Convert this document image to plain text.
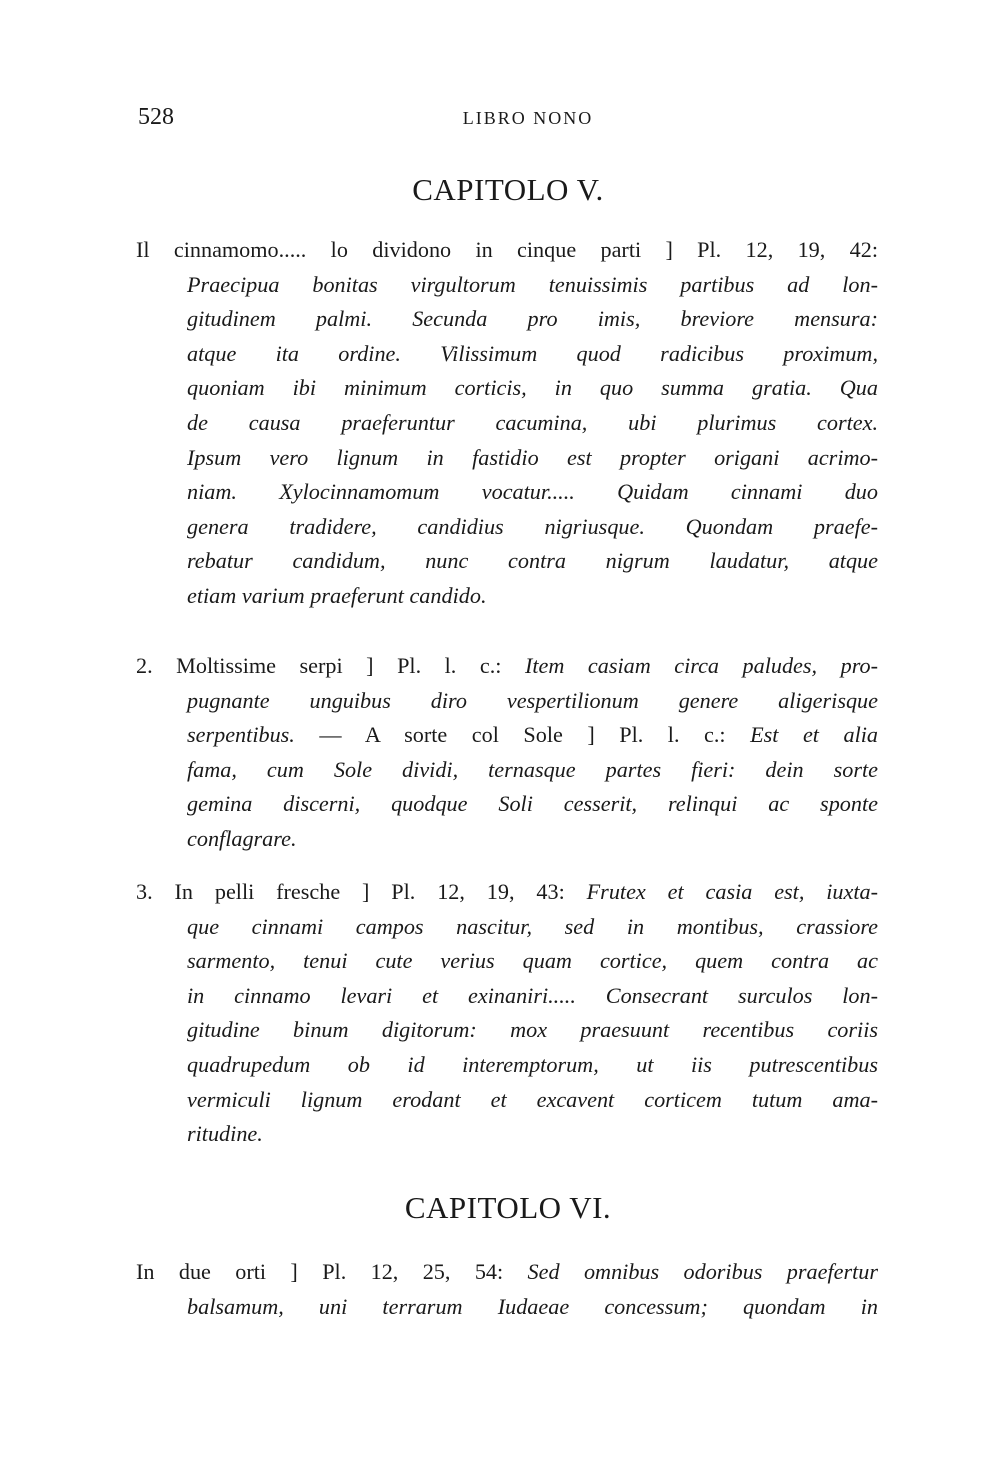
528	LIBRO NONO
CAPITOLO V.
Il cinnamomo..... lo dividono in cinque parti ] Pl. 12, 19, 42:
Praecipua bonitas virgultorum tenuissimis partibus ad lon-
gitudinem palmi. Secunda pro imis, breviore mensura:
atque ita ordine. Vilissimum quod radicibus proximum,
quoniam ibi minimum corticis, in quo summa gratia. Qua
de causa praeferuntur cacumina, ubi plurimus cortex.
Ipsum vero lignum in fastidio est propter origani acrimo-
niam. Xylocinnamomum vocatur..... Quidam cinnami duo
genera tradidere, candidius nigriusque. Quondam praefe-
rebatur candidum, nunc contra nigrum laudatur, atque
etiam varium praeferunt candido.
2. Moltissime serpi ] Pl. l. c.: Item casiam circa paludes, pro-
pugnante unguibus diro vespertilionum genere aligerisque
serpentibus. — A sorte col Sole ] Pl. l. c.: Est et alia
fama, cum Sole dividi, ternasque partes fieri: dein sorte
gemina discerni, quodque Soli cesserit, relinqui ac sponte
conflagrare.
3. In pelli fresche ] Pl. 12, 19, 43: Frutex et casia est, iuxta-
que cinnami campos nascitur, sed in montibus, crassiore
sarmento, tenui cute verius quam cortice, quem contra ac
in cinnamo levari et exinaniri..... Consecrant surculos lon-
gitudine binum digitorum: mox praesuunt recentibus coriis
quadrupedum ob id interemptorum, ut iis putrescentibus
vermiculi lignum erodant et excavent corticem tutum ama-
ritudine.
CAPITOLO VI.
In due orti ] Pl. 12, 25, 54: Sed omnibus odoribus praefertur
balsamum, uni terrarum Iudaeae concessum; quondam in
